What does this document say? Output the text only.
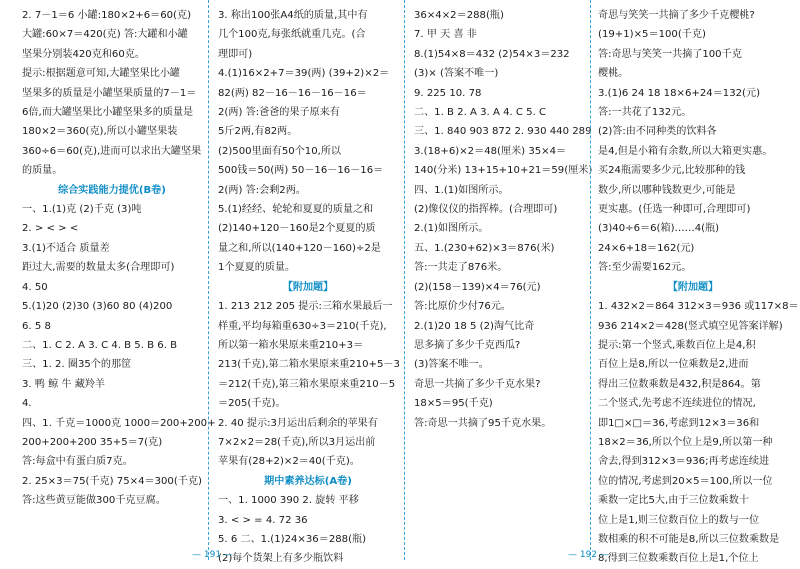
2. 7－1＝6 小罐:180×2+6＝60(克)

大罐:60×7＝420(克) 答:大罐和小罐

坚果分别装420克和60克。

提示:根据题意可知,大罐坚果比小罐

坚果多的质量是小罐坚果质量的7－1＝

6倍,而大罐坚果比小罐坚果多的质量是

180×2＝360(克),所以小罐坚果装

360÷6＝60(克),进而可以求出大罐坚果

的质量。

综合实践能力提优(B卷)

一、1.(1)克 (2)千克 (3)吨

2. > < > <

3.(1)不适合 质量差

距过大,需要的数量太多(合理即可)

4. 50

5.(1)20 (2)30 (3)60 80 (4)200

6. 5 8

二、1. C 2. A 3. C 4. B 5. B 6. B

三、1. 2. 圈35个的那筐

3. 鸭 鲸 牛 藏羚羊

4.

四、1. 千克＝1000克 1000＝200+200+

200+200+200 35+5＝7(克)

答:每盒中有蛋白质7克。

2. 25×3＝75(千克) 75×4＝300(千克)

答:这些黄豆能做300千克豆腐。

3. 称出100张A4纸的质量,其中有

几个100克,每张纸就重几克。(合

理即可)

4.(1)16×2+7＝39(两) (39+2)×2＝

82(两) 82－16－16－16－16＝

2(两) 答:爸爸的果子原来有

5斤2两,有82两。

(2)500里面有50个10,所以

500钱＝50(两) 50－16－16－16＝

2(两) 答:会剩2两。

5.(1)经经、轮轮和夏夏的质量之和

(2)140+120－160是2个夏夏的质

量之和,所以(140+120－160)÷2是

1个夏夏的质量。

【附加题】

1. 213 212 205 提示:三箱水果最后一

样重,平均每箱重630÷3＝210(千克),

所以第一箱水果原来重210+3＝

213(千克),第二箱水果原来重210+5－3

＝212(千克),第三箱水果原来重210－5

＝205(千克)。

2. 40 提示:3月运出后剩余的苹果有

7×2×2＝28(千克),所以3月运出前

苹果有(28+2)×2＝40(千克)。

期中素养达标(A卷)

一、1. 1000 390 2. 旋转 平移

3. < > = 4. 72 36

5. 6 二、1.(1)24×36＝288(瓶)

(2)每个货架上有多少瓶饮料

36×4×2＝288(瓶)

7. 甲 天 喜 非

8.(1)54×8＝432 (2)54×3＝232

(3)× (答案不唯一)

9. 225 10. 78

二、1. B 2. A 3. A 4. C 5. C

三、1. 840 903 872 2. 930 440 289

3.(18+6)×2＝48(厘米) 35×4＝

140(分米) 13+15+10+21＝59(厘米)

四、1.(1)如图所示。

(2)像仪仪的指挥棒。(合理即可)

2.(1)如图所示。

五、1.(230+62)×3＝876(米)

答:一共走了876米。

(2)(158－139)×4＝76(元)

答:比原价少付76元。

2.(1)20 18 5 (2)淘气比奇

思多摘了多少千克西瓜?

(3)答案不唯一。

奇思一共摘了多少千克水果?

18×5＝95(千克)

答:奇思一共摘了95千克水果。

奇思与笑笑一共摘了多少千克樱桃?

(19+1)×5＝100(千克)

答:奇思与笑笑一共摘了100千克

樱桃。

3.(1)6 24 18 18×6+24＝132(元)

答:一共花了132元。

(2)答:由不同种类的饮料各

是4,但是小箱有余数,所以大箱更实惠。

买24瓶需要多少元,比较那种的钱

数少,所以哪种钱数更少,可能是

更实惠。(任选一种即可,合理即可)

(3)40÷6＝6(箱)……4(瓶)

24×6+18＝162(元)

答:至少需要162元。

【附加题】

1. 432×2＝864 312×3＝936 或117×8＝

936 214×2＝428(竖式填空见答案详解)

提示:第一个竖式,乘数百位上是4,积

百位上是8,所以一位乘数是2,进而

得出三位数乘数是432,积是864。第

二个竖式,先考虑不连续进位的情况,

即1□×□＝36,考虑到12×3＝36和

18×2＝36,所以个位上是9,所以第一种

舍去,得到312×3＝936;再考虑连续进

位的情况,考虑到20×5＝100,所以一位

乘数一定比5大,由于三位数乘数十

位上是1,则三位数百位上的数与一位

数相乘的积不可能是8,所以三位数乘数是

8,得到三位数乘数百位上是1,个位上

— 191 —	— 192 —
